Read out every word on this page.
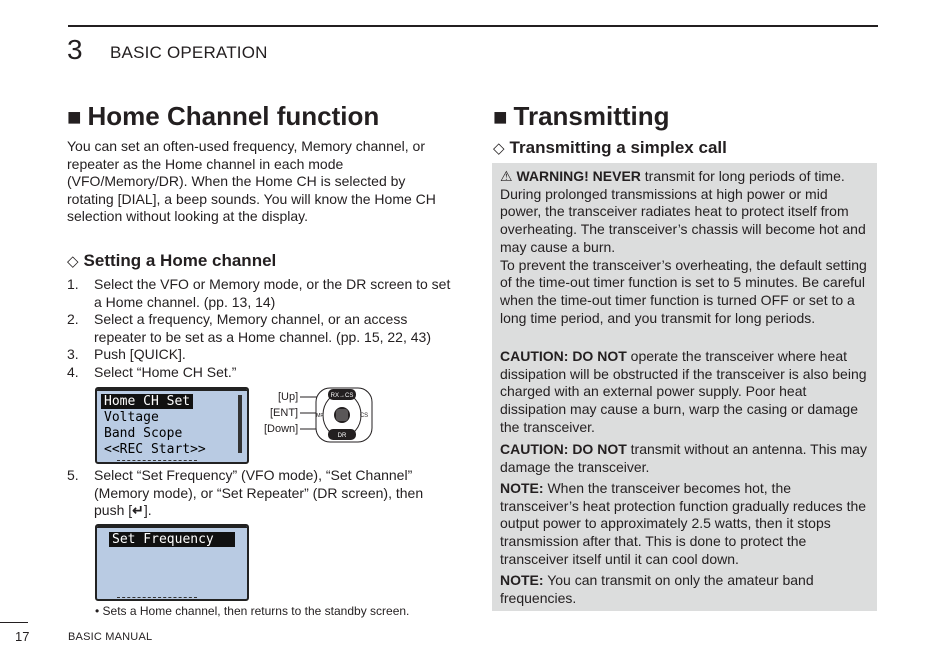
3 BASIC OPERATION
■ Home Channel function
You can set an often-used frequency, Memory channel, or repeater as the Home channel in each mode (VFO/Memory/DR). When the Home CH is selected by rotating [DIAL], a beep sounds. You will know the Home CH selection without looking at the display.
◇ Setting a Home channel
1.	Select the VFO or Memory mode, or the DR screen to set a Home channel. (pp. 13, 14)
2.	Select a frequency, Memory channel, or an access repeater to be set as a Home channel. (pp. 15, 22, 43)
3.	Push [QUICK].
4.	Select “Home CH Set.”
Home CH Set
Voltage
Band Scope
<<REC Start>>
[Up]
[ENT]
[Down]
RX→CS
DR
CS
MP
5.	Select “Set Frequency” (VFO mode), “Set Channel” (Memory mode), or “Set Repeater” (DR screen), then push [↵].
Set Frequency
• Sets a Home channel, then returns to the standby screen.
■ Transmitting
◇ Transmitting a simplex call
⚠ WARNING! NEVER transmit for long periods of time. During prolonged transmissions at high power or mid power, the transceiver radiates heat to protect itself from overheating. The transceiver’s chassis will become hot and may cause a burn.
To prevent the transceiver’s overheating, the default setting of the time-out timer function is set to 5 minutes. Be careful when the time-out timer function is turned OFF or set to a long time period, and you transmit for long periods.
CAUTION: DO NOT operate the transceiver where heat dissipation will be obstructed if the transceiver is also being charged with an external power supply. Poor heat dissipation may cause a burn, warp the casing or damage the transceiver.
CAUTION: DO NOT transmit without an antenna. This may damage the transceiver.
NOTE: When the transceiver becomes hot, the transceiver’s heat protection function gradually reduces the output power to approximately 2.5 watts, then it stops transmission after that. This is done to protect the transceiver itself until it can cool down.
NOTE: You can transmit on only the amateur band frequencies.
17	BASIC MANUAL
